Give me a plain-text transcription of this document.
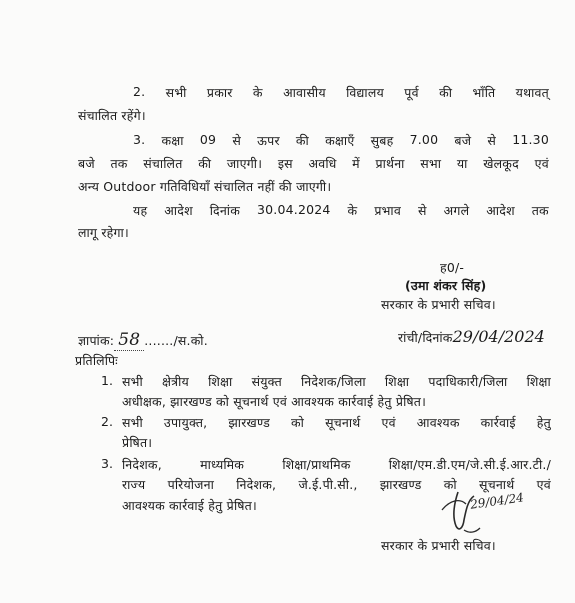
2. सभी प्रकार के आवासीय विद्यालय पूर्व की भाँति यथावत्
संचालित रहेंगे।
3. कक्षा 09 से ऊपर की कक्षाएँ सुबह 7.00 बजे से 11.30
बजे तक संचालित की जाएगी। इस अवधि में प्रार्थना सभा या खेलकूद एवं
अन्य Outdoor गतिविधियाँ संचालित नहीं की जाएगी।
यह आदेश दिनांक 30.04.2024 के प्रभाव से अगले आदेश तक
लागू रहेगा।
ह0/-
(उमा शंकर सिंह)
सरकार के प्रभारी सचिव।
ज्ञापांक: 58 ......./स.को.	रांची/दिनांक29/04/2024
प्रतिलिपिः
1. सभी क्षेत्रीय शिक्षा संयुक्त निदेशक/जिला शिक्षा पदाधिकारी/जिला शिक्षा
अधीक्षक, झारखण्ड को सूचनार्थ एवं आवश्यक कार्रवाई हेतु प्रेषित।
2. सभी उपायुक्त, झारखण्ड को सूचनार्थ एवं आवश्यक कार्रवाई हेतु
प्रेषित।
3. निदेशक,	माध्यमिक	शिक्षा/प्राथमिक	शिक्षा/एम.डी.एम/जे.सी.ई.आर.टी./
राज्य परियोजना निदेशक, जे.ई.पी.सी., झारखण्ड को सूचनार्थ एवं
आवश्यक कार्रवाई हेतु प्रेषित।	29/04/24
सरकार के प्रभारी सचिव।
